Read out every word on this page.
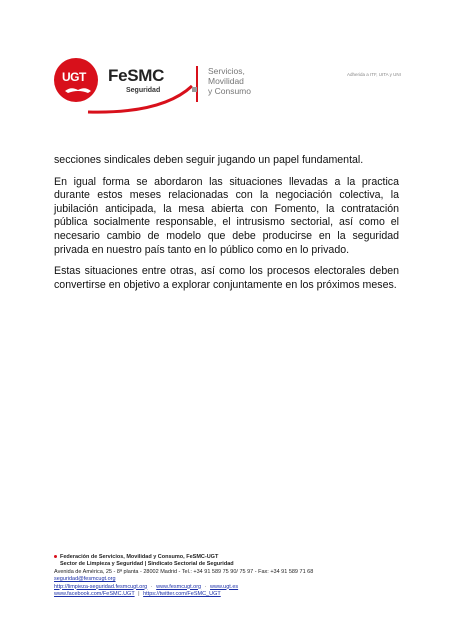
UGT FeSMC
Seguridad
Servicios,
Movilidad
y Consumo
Adherida a ITF, UITA y UNI

secciones sindicales deben seguir jugando un papel fundamental.

En igual forma se abordaron las situaciones llevadas a la practica durante estos meses relacionadas con la negociación colectiva, la jubilación anticipada, la mesa abierta con Fomento, la contratación pública socialmente responsable, el intrusismo sectorial, así como el necesario cambio de modelo que debe producirse en la seguridad privada en nuestro país tanto en lo público como en lo privado.

Estas situaciones entre otras, así como los procesos electorales deben convertirse en objetivo a explorar conjuntamente en los próximos meses.

Federación de Servicios, Movilidad y Consumo, FeSMC-UGT
Sector de Limpieza y Seguridad | Sindicato Sectorial de Seguridad
Avenida de América, 25 - 8ª planta - 28002 Madrid - Tel.: +34 91 589 75 90/ 75 97 - Fax: +34 91 589 71 68
seguridad@fesmcugt.org
http://limpieza-seguridad.fesmcugt.org · www.fesmcugt.org · www.ugt.es
www.facebook.com/FeSMC.UGT | https://twitter.com/FeSMC_UGT
